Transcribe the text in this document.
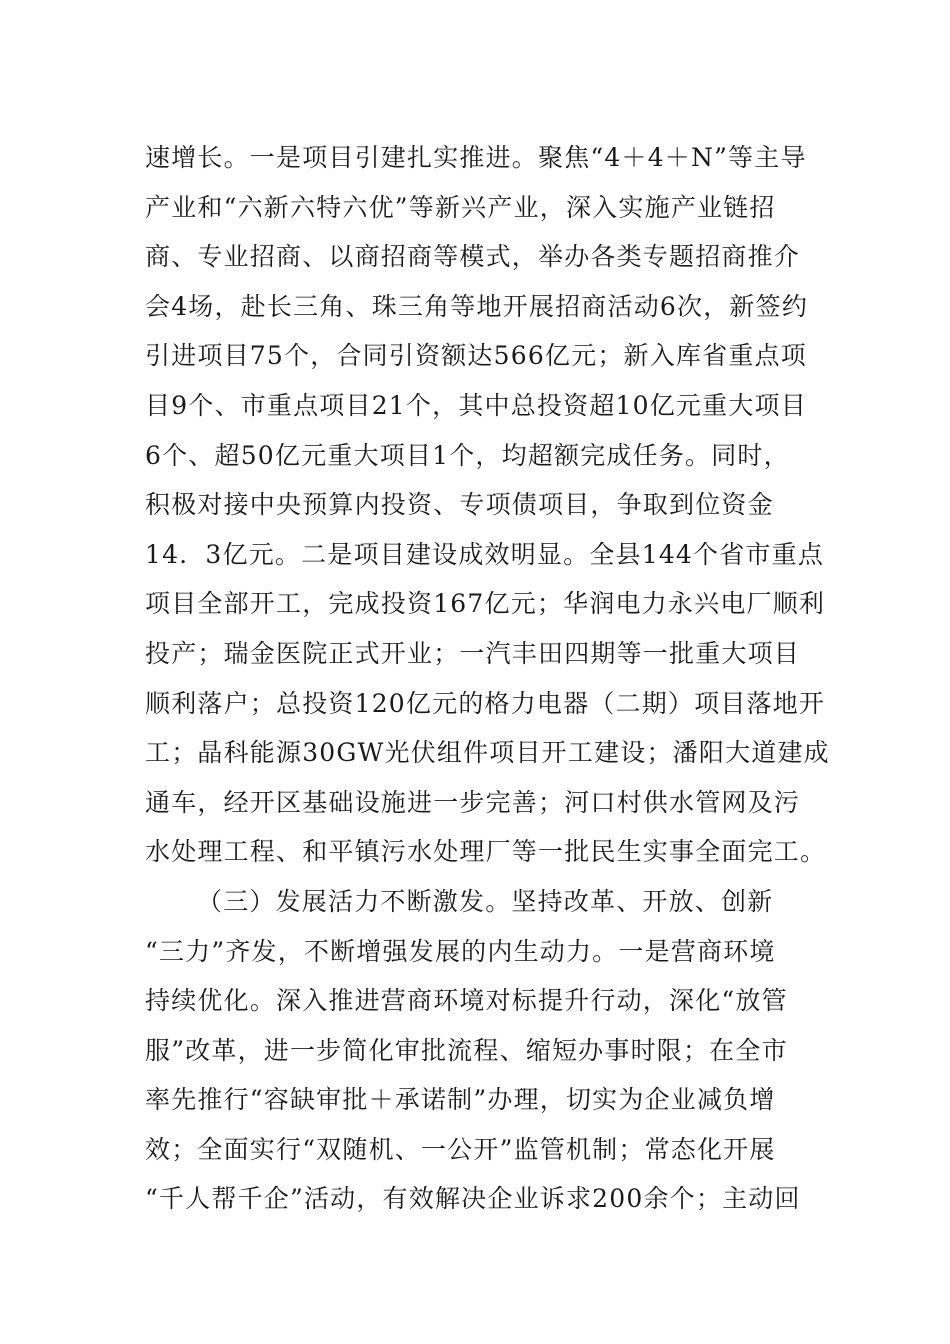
速增长。一是项目引建扎实推进。聚焦“4＋4＋N”等主导
产业和“六新六特六优”等新兴产业，深入实施产业链招
商、专业招商、以商招商等模式，举办各类专题招商推介
会4场，赴长三角、珠三角等地开展招商活动6次，新签约
引进项目75个，合同引资额达566亿元；新入库省重点项
目9个、市重点项目21个，其中总投资超10亿元重大项目
6个、超50亿元重大项目1个，均超额完成任务。同时，
积极对接中央预算内投资、专项债项目，争取到位资金
14．3亿元。二是项目建设成效明显。全县144个省市重点
项目全部开工，完成投资167亿元；华润电力永兴电厂顺利
投产；瑞金医院正式开业；一汽丰田四期等一批重大项目
顺利落户；总投资120亿元的格力电器（二期）项目落地开
工；晶科能源30GW光伏组件项目开工建设；潘阳大道建成
通车，经开区基础设施进一步完善；河口村供水管网及污
水处理工程、和平镇污水处理厂等一批民生实事全面完工。
（三）发展活力不断激发。坚持改革、开放、创新
“三力”齐发，不断增强发展的内生动力。一是营商环境
持续优化。深入推进营商环境对标提升行动，深化“放管
服”改革，进一步简化审批流程、缩短办事时限；在全市
率先推行“容缺审批＋承诺制”办理，切实为企业减负增
效；全面实行“双随机、一公开”监管机制；常态化开展
“千人帮千企”活动，有效解决企业诉求200余个；主动回
